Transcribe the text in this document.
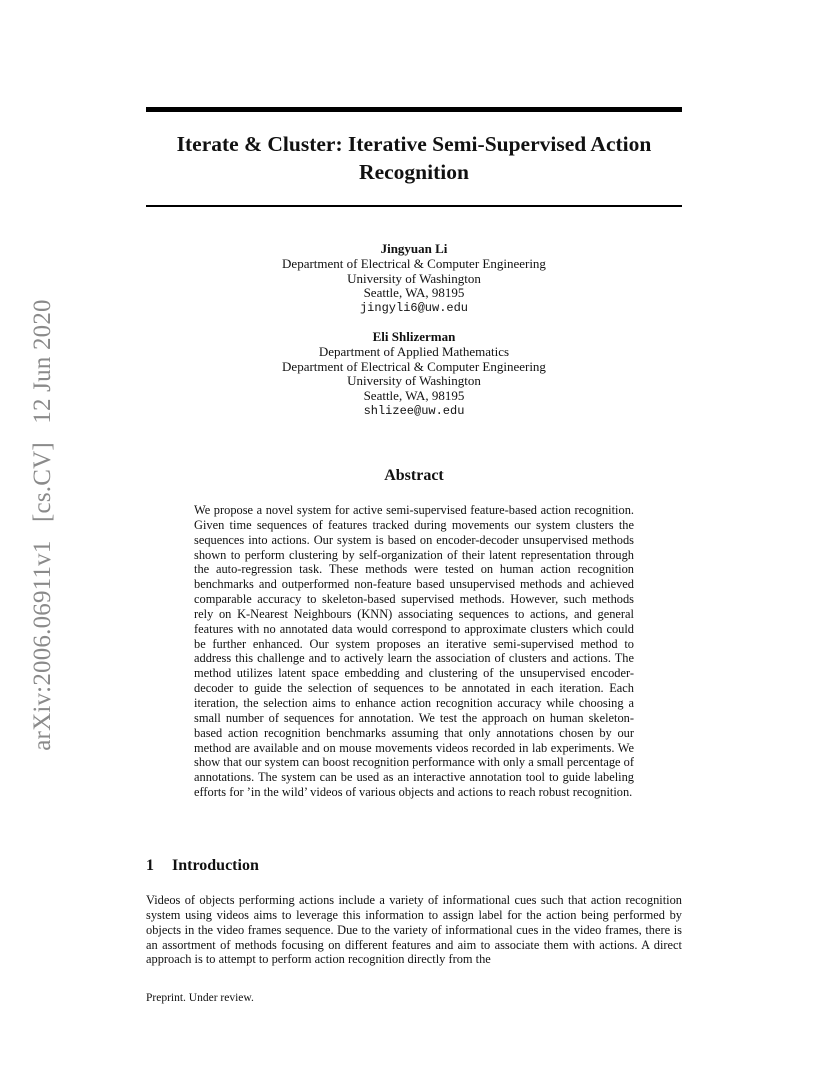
arXiv:2006.06911v1 [cs.CV] 12 Jun 2020
Iterate & Cluster: Iterative Semi-Supervised Action Recognition
Jingyuan Li
Department of Electrical & Computer Engineering
University of Washington
Seattle, WA, 98195
jingyli6@uw.edu
Eli Shlizerman
Department of Applied Mathematics
Department of Electrical & Computer Engineering
University of Washington
Seattle, WA, 98195
shlizee@uw.edu
Abstract
We propose a novel system for active semi-supervised feature-based action recognition. Given time sequences of features tracked during movements our system clusters the sequences into actions. Our system is based on encoder-decoder unsupervised methods shown to perform clustering by self-organization of their latent representation through the auto-regression task. These methods were tested on human action recognition benchmarks and outperformed non-feature based unsupervised methods and achieved comparable accuracy to skeleton-based supervised methods. However, such methods rely on K-Nearest Neighbours (KNN) associating sequences to actions, and general features with no annotated data would correspond to approximate clusters which could be further enhanced. Our system proposes an iterative semi-supervised method to address this challenge and to actively learn the association of clusters and actions. The method utilizes latent space embedding and clustering of the unsupervised encoder-decoder to guide the selection of sequences to be annotated in each iteration. Each iteration, the selection aims to enhance action recognition accuracy while choosing a small number of sequences for annotation. We test the approach on human skeleton-based action recognition benchmarks assuming that only annotations chosen by our method are available and on mouse movements videos recorded in lab experiments. We show that our system can boost recognition performance with only a small percentage of annotations. The system can be used as an interactive annotation tool to guide labeling efforts for ’in the wild’ videos of various objects and actions to reach robust recognition.
1 Introduction
Videos of objects performing actions include a variety of informational cues such that action recognition system using videos aims to leverage this information to assign label for the action being performed by objects in the video frames sequence. Due to the variety of informational cues in the video frames, there is an assortment of methods focusing on different features and aim to associate them with actions. A direct approach is to attempt to perform action recognition directly from the
Preprint. Under review.
